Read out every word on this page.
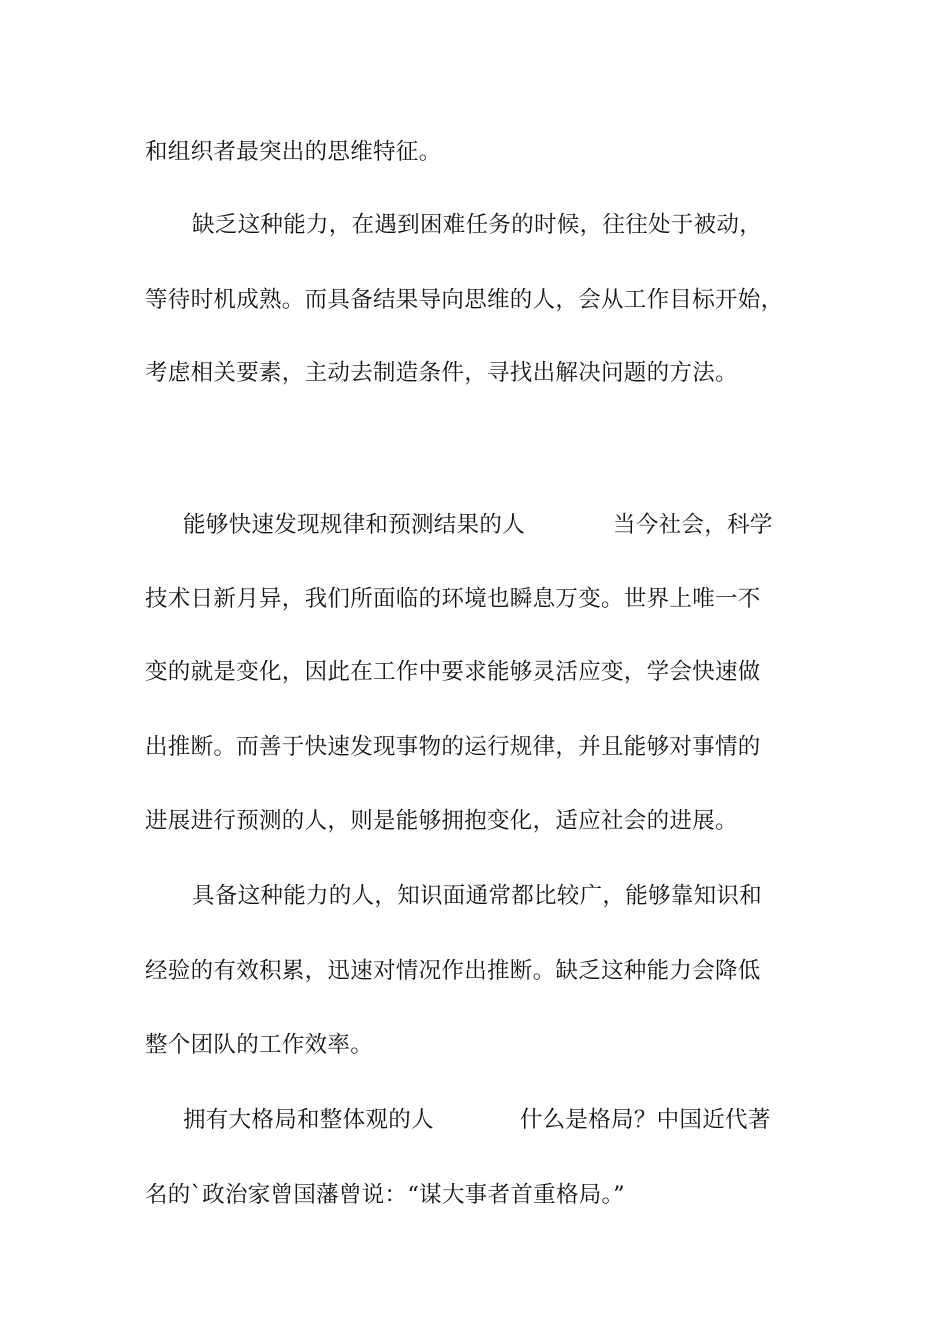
和组织者最突出的思维特征。
缺乏这种能力，在遇到困难任务的时候，往往处于被动，
等待时机成熟。而具备结果导向思维的人，会从工作目标开始，
考虑相关要素，主动去制造条件，寻找出解决问题的方法。
能够快速发现规律和预测结果的人	当今社会，科学
技术日新月异，我们所面临的环境也瞬息万变。世界上唯一不
变的就是变化，因此在工作中要求能够灵活应变，学会快速做
出推断。而善于快速发现事物的运行规律，并且能够对事情的
进展进行预测的人，则是能够拥抱变化，适应社会的进展。
具备这种能力的人，知识面通常都比较广，能够靠知识和
经验的有效积累，迅速对情况作出推断。缺乏这种能力会降低
整个团队的工作效率。
拥有大格局和整体观的人	什么是格局？中国近代著
名的`政治家曾国藩曾说：“谋大事者首重格局。”
